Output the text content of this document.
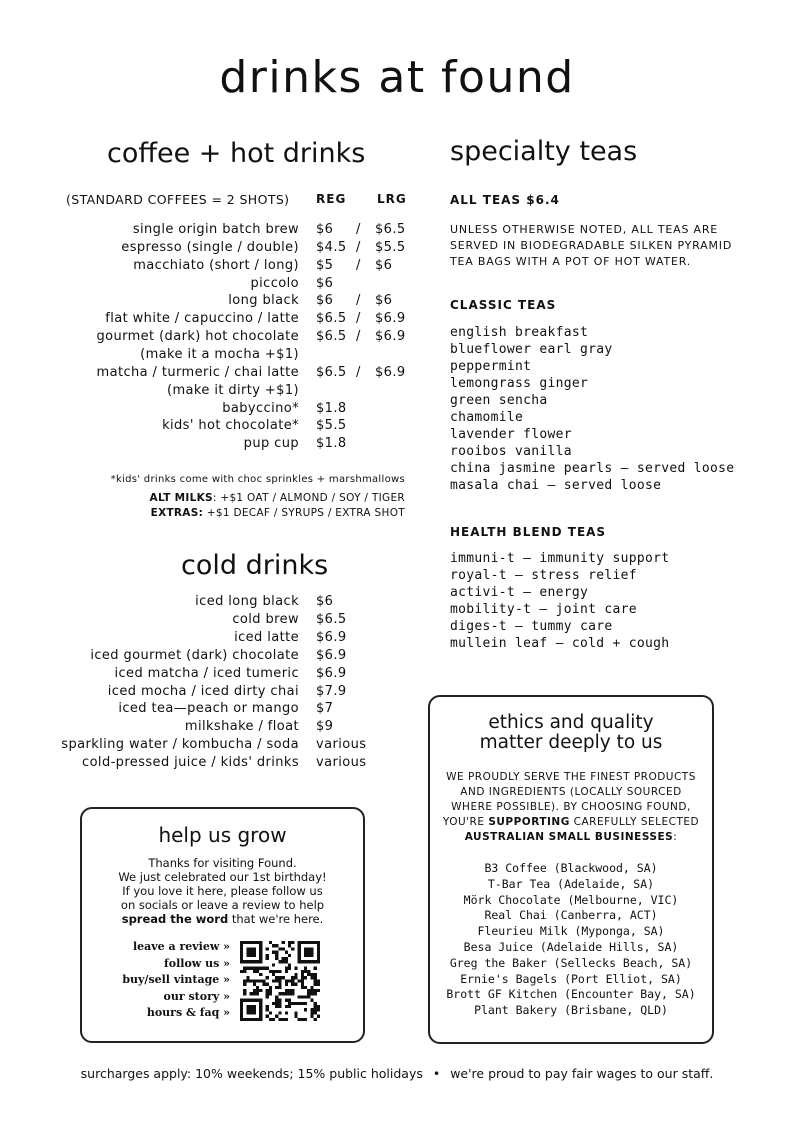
drinks at found
coffee + hot drinks
(STANDARD COFFEES = 2 SHOTS) REG	LRG
single origin batch brew $6 / $6.5
espresso (single / double) $4.5 / $5.5
macchiato (short / long) $5 / $6
piccolo $6
long black $6 / $6
flat white / capuccino / latte $6.5 / $6.9
gourmet (dark) hot chocolate $6.5 / $6.9
(make it a mocha +$1)
matcha / turmeric / chai latte $6.5 / $6.9
(make it dirty +$1)
babyccino* $1.8
kids' hot chocolate* $5.5
pup cup $1.8
*kids' drinks come with choc sprinkles + marshmallows
ALT MILKS: +$1 OAT / ALMOND / SOY / TIGER
EXTRAS: +$1 DECAF / SYRUPS / EXTRA SHOT
cold drinks
iced long black $6
cold brew $6.5
iced latte $6.9
iced gourmet (dark) chocolate $6.9
iced matcha / iced tumeric $6.9
iced mocha / iced dirty chai $7.9
iced tea—peach or mango $7
milkshake / float $9
sparkling water / kombucha / soda various
cold-pressed juice / kids' drinks various
specialty teas
ALL TEAS $6.4
UNLESS OTHERWISE NOTED, ALL TEAS ARE SERVED IN BIODEGRADABLE SILKEN PYRAMID TEA BAGS WITH A POT OF HOT WATER.
CLASSIC TEAS
english breakfast
blueflower earl gray
peppermint
lemongrass ginger
green sencha
chamomile
lavender flower
rooibos vanilla
china jasmine pearls — served loose
masala chai — served loose
HEALTH BLEND TEAS
immuni-t — immunity support
royal-t — stress relief
activi-t — energy
mobility-t — joint care
diges-t — tummy care
mullein leaf — cold + cough
help us grow
Thanks for visiting Found.
We just celebrated our 1st birthday!
If you love it here, please follow us
on socials or leave a review to help
spread the word that we're here.
leave a review »
follow us »
buy/sell vintage »
our story »
hours & faq »
ethics and quality
matter deeply to us
WE PROUDLY SERVE THE FINEST PRODUCTS
AND INGREDIENTS (LOCALLY SOURCED
WHERE POSSIBLE). BY CHOOSING FOUND,
YOU'RE SUPPORTING CAREFULLY SELECTED
AUSTRALIAN SMALL BUSINESSES:
B3 Coffee (Blackwood, SA)
T-Bar Tea (Adelaide, SA)
Mörk Chocolate (Melbourne, VIC)
Real Chai (Canberra, ACT)
Fleurieu Milk (Myponga, SA)
Besa Juice (Adelaide Hills, SA)
Greg the Baker (Sellecks Beach, SA)
Ernie's Bagels (Port Elliot, SA)
Brott GF Kitchen (Encounter Bay, SA)
Plant Bakery (Brisbane, QLD)
surcharges apply: 10% weekends; 15% public holidays • we're proud to pay fair wages to our staff.
